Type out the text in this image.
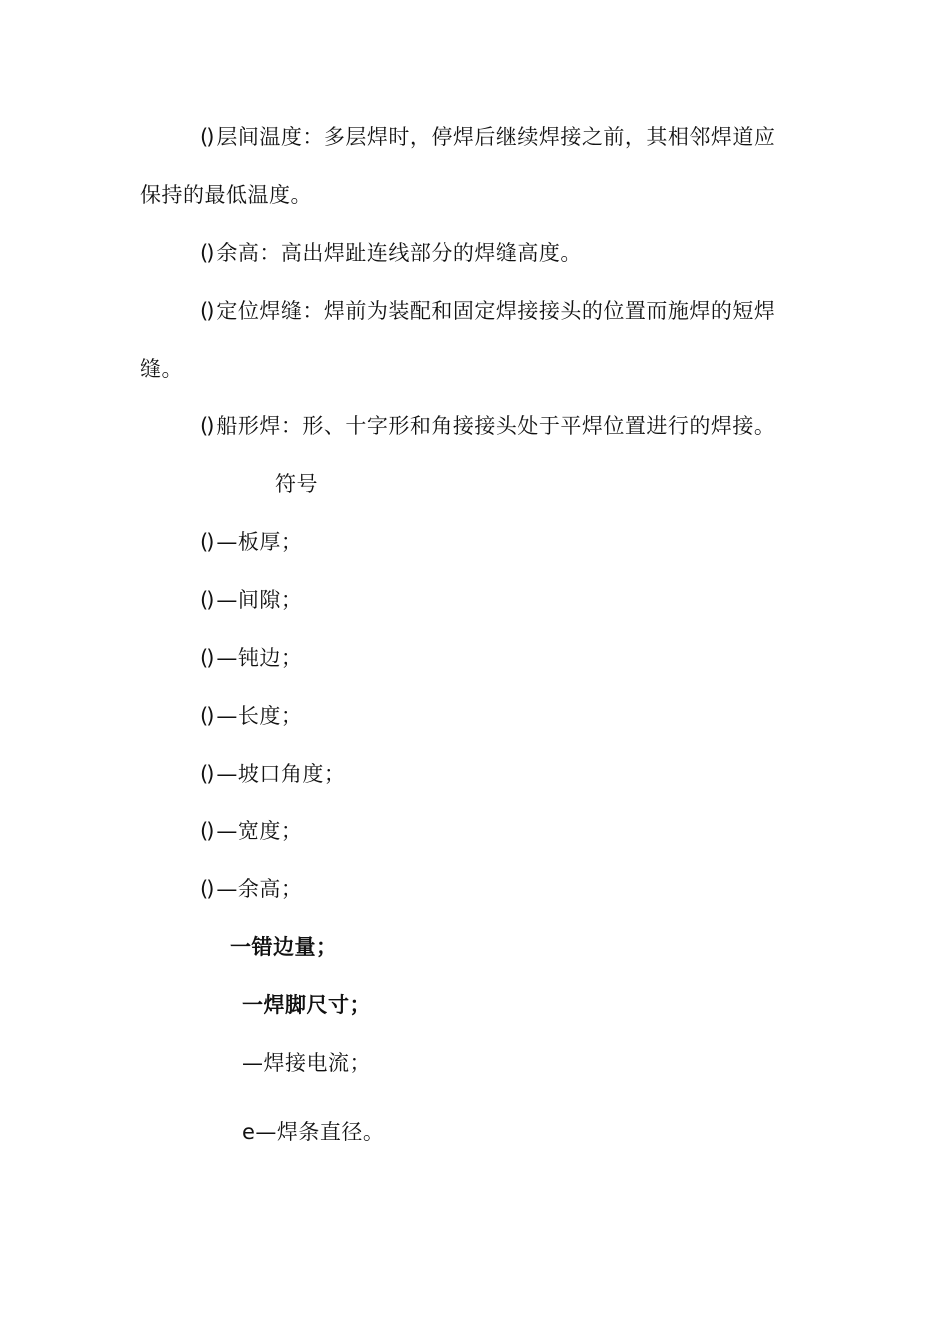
() 层间温度：多层焊时，停焊后继续焊接之前，其相邻焊道应
保持的最低温度。
() 余高：高出焊趾连线部分的焊缝高度。
() 定位焊缝：焊前为装配和固定焊接接头的位置而施焊的短焊
缝。
() 船形焊：形、十字形和角接接头处于平焊位置进行的焊接。
符号
() —板厚；
() —间隙；
() —钝边；
() —长度；
() —坡口角度；
() —宽度；
() —余高；
一错边量；
一焊脚尺寸；
—焊接电流；
e—焊条直径。
